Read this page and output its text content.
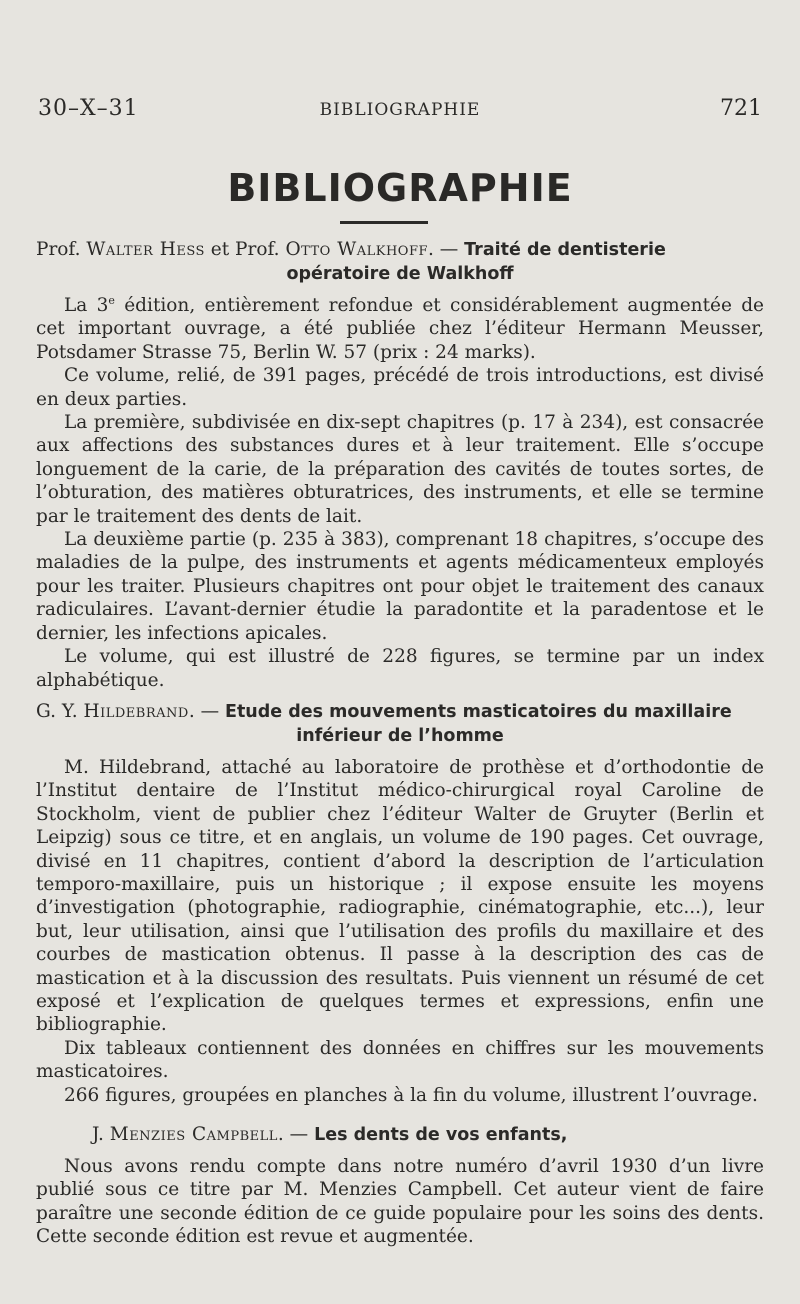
30–X–31	BIBLIOGRAPHIE	721
BIBLIOGRAPHIE

Prof. Walter Hess et Prof. Otto Walkhoff. — Traité de dentisterie
opératoire de Walkhoff

La 3e édition, entièrement refondue et considérablement augmentée de cet important ouvrage, a été publiée chez l’éditeur Hermann Meusser, Potsdamer Strasse 75, Berlin W. 57 (prix : 24 marks).

Ce volume, relié, de 391 pages, précédé de trois introductions, est divisé en deux parties.

La première, subdivisée en dix-sept chapitres (p. 17 à 234), est consacrée aux affections des substances dures et à leur traitement. Elle s’occupe longuement de la carie, de la préparation des cavités de toutes sortes, de l’obturation, des matières obturatrices, des instruments, et elle se termine par le traitement des dents de lait.

La deuxième partie (p. 235 à 383), comprenant 18 chapitres, s’occupe des maladies de la pulpe, des instruments et agents médicamenteux employés pour les traiter. Plusieurs chapitres ont pour objet le traitement des canaux radiculaires. L’avant-dernier étudie la paradontite et la paradentose et le dernier, les infections apicales.

Le volume, qui est illustré de 228 figures, se termine par un index alphabétique.

G. Y. Hildebrand. — Etude des mouvements masticatoires du maxillaire
inférieur de l’homme

M. Hildebrand, attaché au laboratoire de prothèse et d’orthodontie de l’Institut dentaire de l’Institut médico-chirurgical royal Caroline de Stockholm, vient de publier chez l’éditeur Walter de Gruyter (Berlin et Leipzig) sous ce titre, et en anglais, un volume de 190 pages. Cet ouvrage, divisé en 11 chapitres, contient d’abord la description de l’articulation temporo-maxillaire, puis un historique ; il expose ensuite les moyens d’investigation (photographie, radiographie, cinématographie, etc...), leur but, leur utilisation, ainsi que l’utilisation des profils du maxillaire et des courbes de mastication obtenus. Il passe à la description des cas de mastication et à la discussion des resultats. Puis viennent un résumé de cet exposé et l’explication de quelques termes et expressions, enfin une bibliographie.

Dix tableaux contiennent des données en chiffres sur les mouvements masticatoires.

266 figures, groupées en planches à la fin du volume, illustrent l’ouvrage.

J. Menzies Campbell. — Les dents de vos enfants,

Nous avons rendu compte dans notre numéro d’avril 1930 d’un livre publié sous ce titre par M. Menzies Campbell. Cet auteur vient de faire paraître une seconde édition de ce guide populaire pour les soins des dents. Cette seconde édition est revue et augmentée.
